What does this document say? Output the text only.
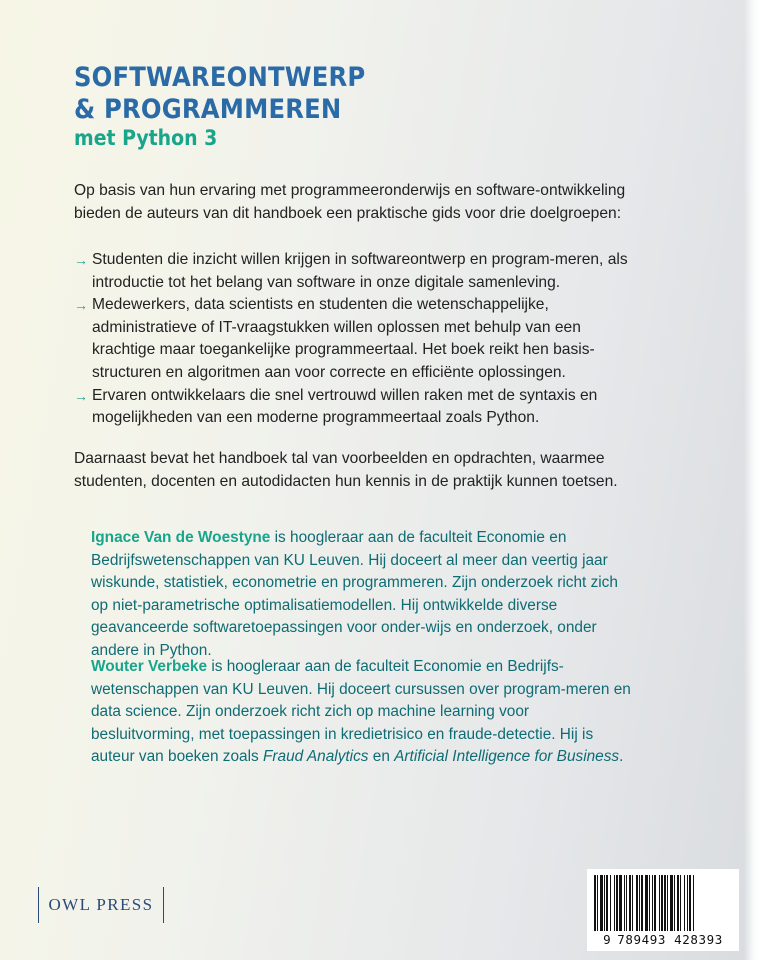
SOFTWAREONTWERP
& PROGRAMMEREN
met Python 3

Op basis van hun ervaring met programmeeronderwijs en software-ontwikkeling bieden de auteurs van dit handboek een praktische gids voor drie doelgroepen:

→ Studenten die inzicht willen krijgen in softwareontwerp en program-meren, als introductie tot het belang van software in onze digitale samenleving.
→ Medewerkers, data scientists en studenten die wetenschappelijke, administratieve of IT-vraagstukken willen oplossen met behulp van een krachtige maar toegankelijke programmeertaal. Het boek reikt hen basis-structuren en algoritmen aan voor correcte en efficiënte oplossingen.
→ Ervaren ontwikkelaars die snel vertrouwd willen raken met de syntaxis en mogelijkheden van een moderne programmeertaal zoals Python.

Daarnaast bevat het handboek tal van voorbeelden en opdrachten, waarmee studenten, docenten en autodidacten hun kennis in de praktijk kunnen toetsen.

Ignace Van de Woestyne is hoogleraar aan de faculteit Economie en Bedrijfswetenschappen van KU Leuven. Hij doceert al meer dan veertig jaar wiskunde, statistiek, econometrie en programmeren. Zijn onderzoek richt zich op niet-parametrische optimalisatiemodellen. Hij ontwikkelde diverse geavanceerde softwaretoepassingen voor onder-wijs en onderzoek, onder andere in Python.

Wouter Verbeke is hoogleraar aan de faculteit Economie en Bedrijfs-wetenschappen van KU Leuven. Hij doceert cursussen over program-meren en data science. Zijn onderzoek richt zich op machine learning voor besluitvorming, met toepassingen in kredietrisico en fraude-detectie. Hij is auteur van boeken zoals Fraud Analytics en Artificial Intelligence for Business.

OWL PRESS
9 789493 428393
